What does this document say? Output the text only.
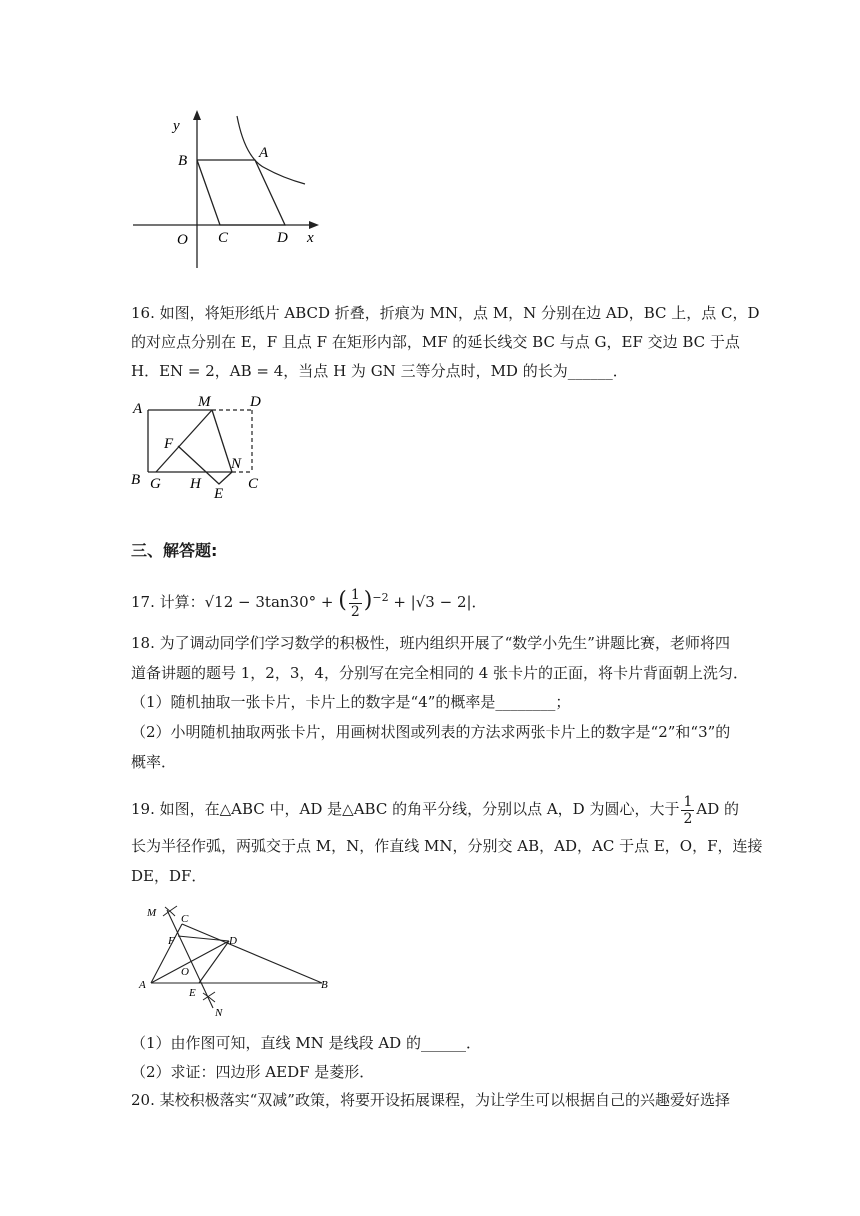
y
x
O
B	A
C	D
16. 如图，将矩形纸片 ABCD 折叠，折痕为 MN，点 M，N 分别在边 AD，BC 上，点 C，D
的对应点分别在 E，F 且点 F 在矩形内部，MF 的延长线交 BC 与点 G，EF 交边 BC 于点
H．EN = 2，AB = 4，当点 H 为 GN 三等分点时，MD 的长为______．
A	M	D
F
N
B G H
E
C
三、解答题:
17. 计算：√12 − 3tan30° + ( $\frac{1}{2} )^{-2} + |√3 - 2|$．
18. 为了调动同学们学习数学的积极性，班内组织开展了“数学小先生”讲题比赛，老师将四
道备讲题的题号 1，2，3，4，分别写在完全相同的 4 张卡片的正面，将卡片背面朝上洗匀．
（1）随机抽取一张卡片，卡片上的数字是“4”的概率是________；
（2）小明随机抽取两张卡片，用画树状图或列表的方法求两张卡片上的数字是“2”和“3”的
概率．
19. 如图，在△ABC 中，AD 是△ABC 的角平分线，分别以点 A，D 为圆心，大于 $\frac{1}{2}$ AD 的
长为半径作弧，两弧交于点 M，N，作直线 MN，分别交 AB，AD，AC 于点 E，O，F，连接
DE，DF．
M C
F	D
O
A
E
N
B
（1）由作图可知，直线 MN 是线段 AD 的______．
（2）求证：四边形 AEDF 是菱形．
20. 某校积极落实“双减”政策，将要开设拓展课程，为让学生可以根据自己的兴趣爱好选择
